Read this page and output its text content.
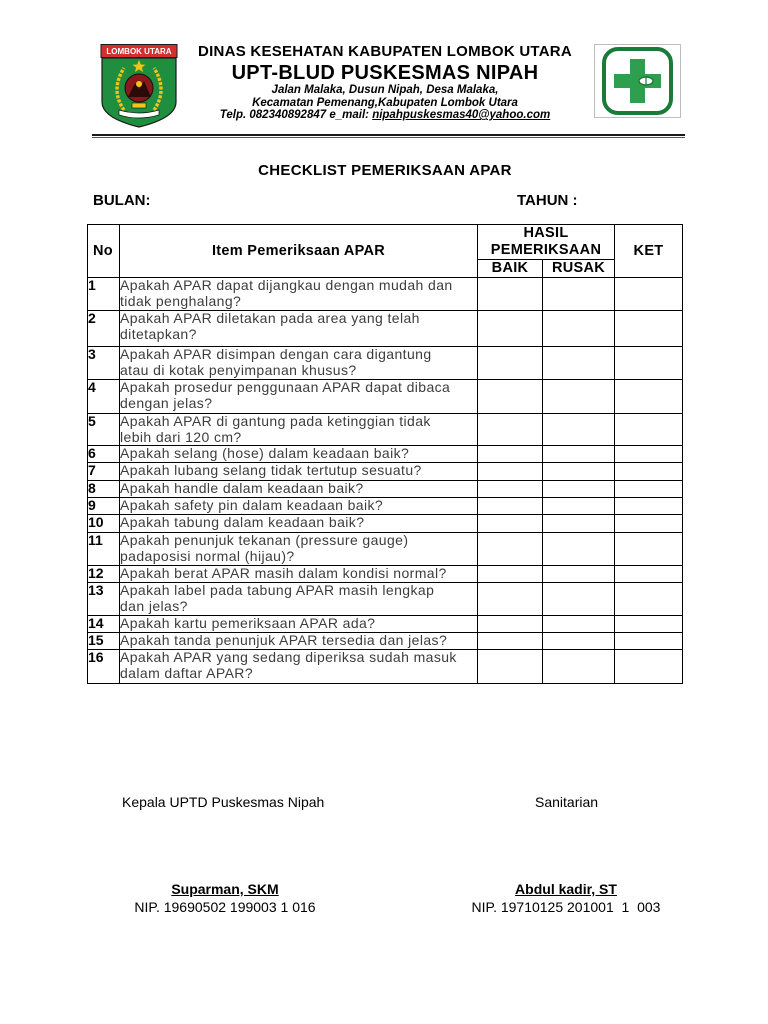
LOMBOK UTARA	DINAS KESEHATAN KABUPATEN LOMBOK UTARA
UPT-BLUD PUSKESMAS NIPAH
Jalan Malaka, Dusun Nipah, Desa Malaka,
Kecamatan Pemenang,Kabupaten Lombok Utara
Telp. 082340892847 e_mail: nipahpuskesmas40@yahoo.com
CHECKLIST PEMERIKSAAN APAR
BULAN:	TAHUN :
No	Item Pemeriksaan APAR	HASIL PEMERIKSAAN		KET
		BAIK	RUSAK	
1	Apakah APAR dapat dijangkau dengan mudah dan
tidak penghalang?			
2	Apakah APAR diletakan pada area yang telah
ditetapkan?			
3	Apakah APAR disimpan dengan cara digantung
atau di kotak penyimpanan khusus?			
4	Apakah prosedur penggunaan APAR dapat dibaca
dengan jelas?			
5	Apakah APAR di gantung pada ketinggian tidak
lebih dari 120 cm?			
6	Apakah selang (hose) dalam keadaan baik?			
7	Apakah lubang selang tidak tertutup sesuatu?			
8	Apakah handle dalam keadaan baik?			
9	Apakah safety pin dalam keadaan baik?			
10	Apakah tabung dalam keadaan baik?			
11	Apakah penunjuk tekanan (pressure gauge)
padaposisi normal (hijau)?			
12	Apakah berat APAR masih dalam kondisi normal?			
13	Apakah label pada tabung APAR masih lengkap
dan jelas?			
14	Apakah kartu pemeriksaan APAR ada?			
15	Apakah tanda penunjuk APAR tersedia dan jelas?			
16	Apakah APAR yang sedang diperiksa sudah masuk
dalam daftar APAR?			
Kepala UPTD Puskesmas Nipah	Sanitarian
Suparman, SKM
NIP. 19690502 199003 1 016
Abdul kadir, ST
NIP. 19710125 201001  1  003
